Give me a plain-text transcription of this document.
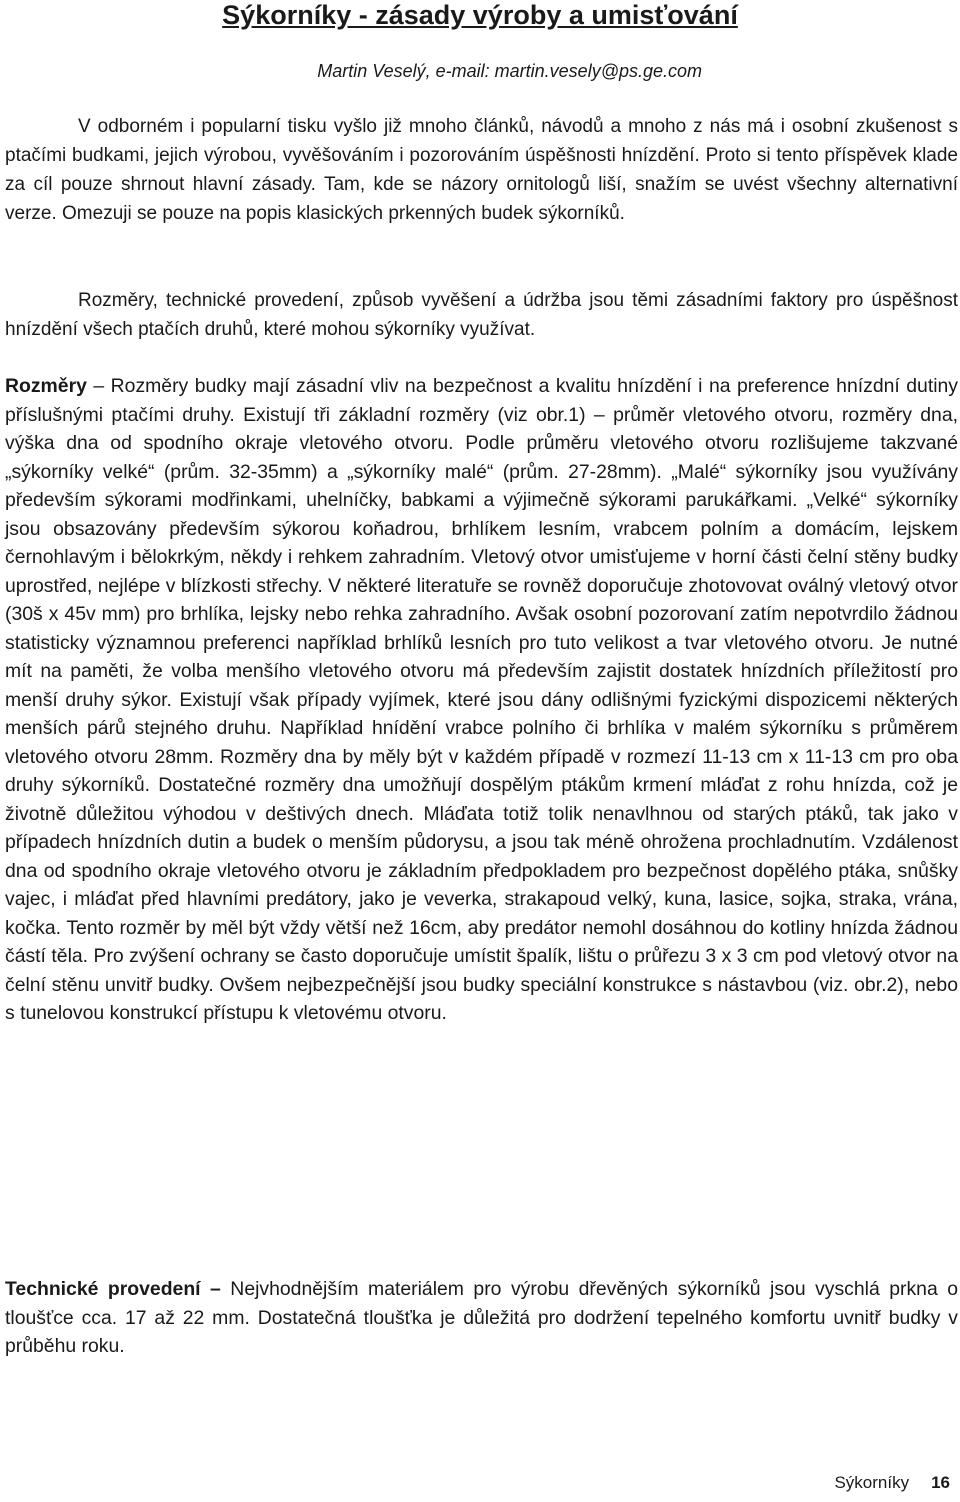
Sýkorníky - zásady výroby a umisťování
Martin Veselý, e-mail: martin.vesely@ps.ge.com

V odborném i popularní tisku vyšlo již mnoho článků, návodů a mnoho z nás má i osobní zkušenost s ptačími budkami, jejich výrobou, vyvěšováním i pozorováním úspěšnosti hnízdění. Proto si tento příspěvek klade za cíl pouze shrnout hlavní zásady. Tam, kde se názory ornitologů liší, snažím se uvést všechny alternativní verze. Omezuji se pouze na popis klasických prkenných budek sýkorníků.

Rozměry, technické provedení, způsob vyvěšení a údržba jsou těmi zásadními faktory pro úspěšnost hnízdění všech ptačích druhů, které mohou sýkorníky využívat.

Rozměry – Rozměry budky mají zásadní vliv na bezpečnost a kvalitu hnízdění i na preference hnízdní dutiny příslušnými ptačími druhy. Existují tři základní rozměry (viz obr.1) – průměr vletového otvoru, rozměry dna, výška dna od spodního okraje vletového otvoru. Podle průměru vletového otvoru rozlišujeme takzvané „sýkorníky velké“ (prům. 32-35mm) a „sýkorníky malé“ (prům. 27-28mm). „Malé“ sýkorníky jsou využívány především sýkorami modřinkami, uhelníčky, babkami a výjimečně sýkorami parukářkami. „Velké“ sýkorníky jsou obsazovány především sýkorou koňadrou, brhlíkem lesním, vrabcem polním a domácím, lejskem černohlavým i bělokrkým, někdy i rehkem zahradním. Vletový otvor umisťujeme v horní části čelní stěny budky uprostřed, nejlépe v blízkosti střechy. V některé literatuře se rovněž doporučuje zhotovovat oválný vletový otvor (30š x 45v mm) pro brhlíka, lejsky nebo rehka zahradního. Avšak osobní pozorovaní zatím nepotvrdilo žádnou statisticky významnou preferenci například brhlíků lesních pro tuto velikost a tvar vletového otvoru. Je nutné mít na paměti, že volba menšího vletového otvoru má především zajistit dostatek hnízdních příležitostí pro menší druhy sýkor. Existují však případy vyjímek, které jsou dány odlišnými fyzickými dispozicemi některých menších párů stejného druhu. Například hnídění vrabce polního či brhlíka v malém sýkorníku s průměrem vletového otvoru 28mm. Rozměry dna by měly být v každém případě v rozmezí 11-13 cm x 11-13 cm pro oba druhy sýkorníků. Dostatečné rozměry dna umožňují dospělým ptákům krmení mláďat z rohu hnízda, což je životně důležitou výhodou v deštivých dnech. Mláďata totiž tolik nenavlhnou od starých ptáků, tak jako v případech hnízdních dutin a budek o menším půdorysu, a jsou tak méně ohrožena prochladnutím. Vzdálenost dna od spodního okraje vletového otvoru je základním předpokladem pro bezpečnost dopělého ptáka, snůšky vajec, i mláďat před hlavními predátory, jako je veverka, strakapoud velký, kuna, lasice, sojka, straka, vrána, kočka. Tento rozměr by měl být vždy větší než 16cm, aby predátor nemohl dosáhnou do kotliny hnízda žádnou částí těla. Pro zvýšení ochrany se často doporučuje umístit špalík, lištu o průřezu 3 x 3 cm pod vletový otvor na čelní stěnu unvitř budky. Ovšem nejbezpečnější jsou budky speciální konstrukce s nástavbou (viz. obr.2), nebo s tunelovou konstrukcí přístupu k vletovému otvoru.

Technické provedení – Nejvhodnějším materiálem pro výrobu dřevěných sýkorníků jsou vyschlá prkna o tloušťce cca. 17 až 22 mm. Dostatečná tloušťka je důležitá pro dodržení tepelného komfortu uvnitř budky v průběhu roku.

Sýkorníky 16
